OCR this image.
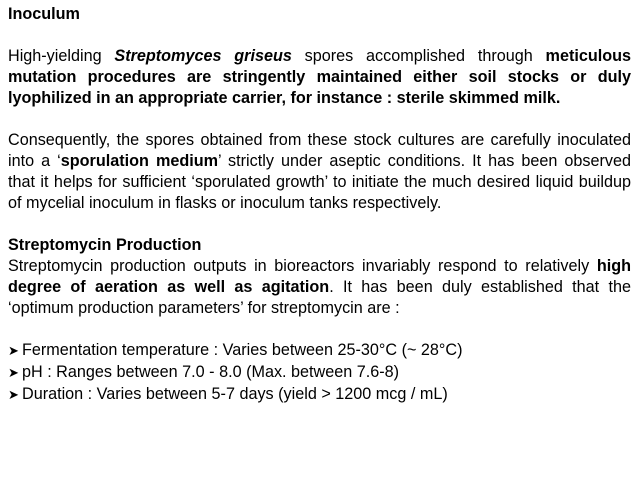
Inoculum

High-yielding Streptomyces griseus spores accomplished through meticulous mutation procedures are stringently maintained either soil stocks or duly lyophilized in an appropriate carrier, for instance : sterile skimmed milk.

Consequently, the spores obtained from these stock cultures are carefully inoculated into a ‘sporulation medium’ strictly under aseptic conditions. It has been observed that it helps for sufficient ‘sporulated growth’ to initiate the much desired liquid buildup of mycelial inoculum in flasks or inoculum tanks respectively.

Streptomycin Production

Streptomycin production outputs in bioreactors invariably respond to relatively high degree of aeration as well as agitation. It has been duly established that the ‘optimum production parameters’ for streptomycin are :

➤ Fermentation temperature : Varies between 25-30°C (~ 28°C)
➤ pH : Ranges between 7.0 - 8.0 (Max. between 7.6-8)
➤ Duration : Varies between 5-7 days (yield > 1200 mcg / mL)
